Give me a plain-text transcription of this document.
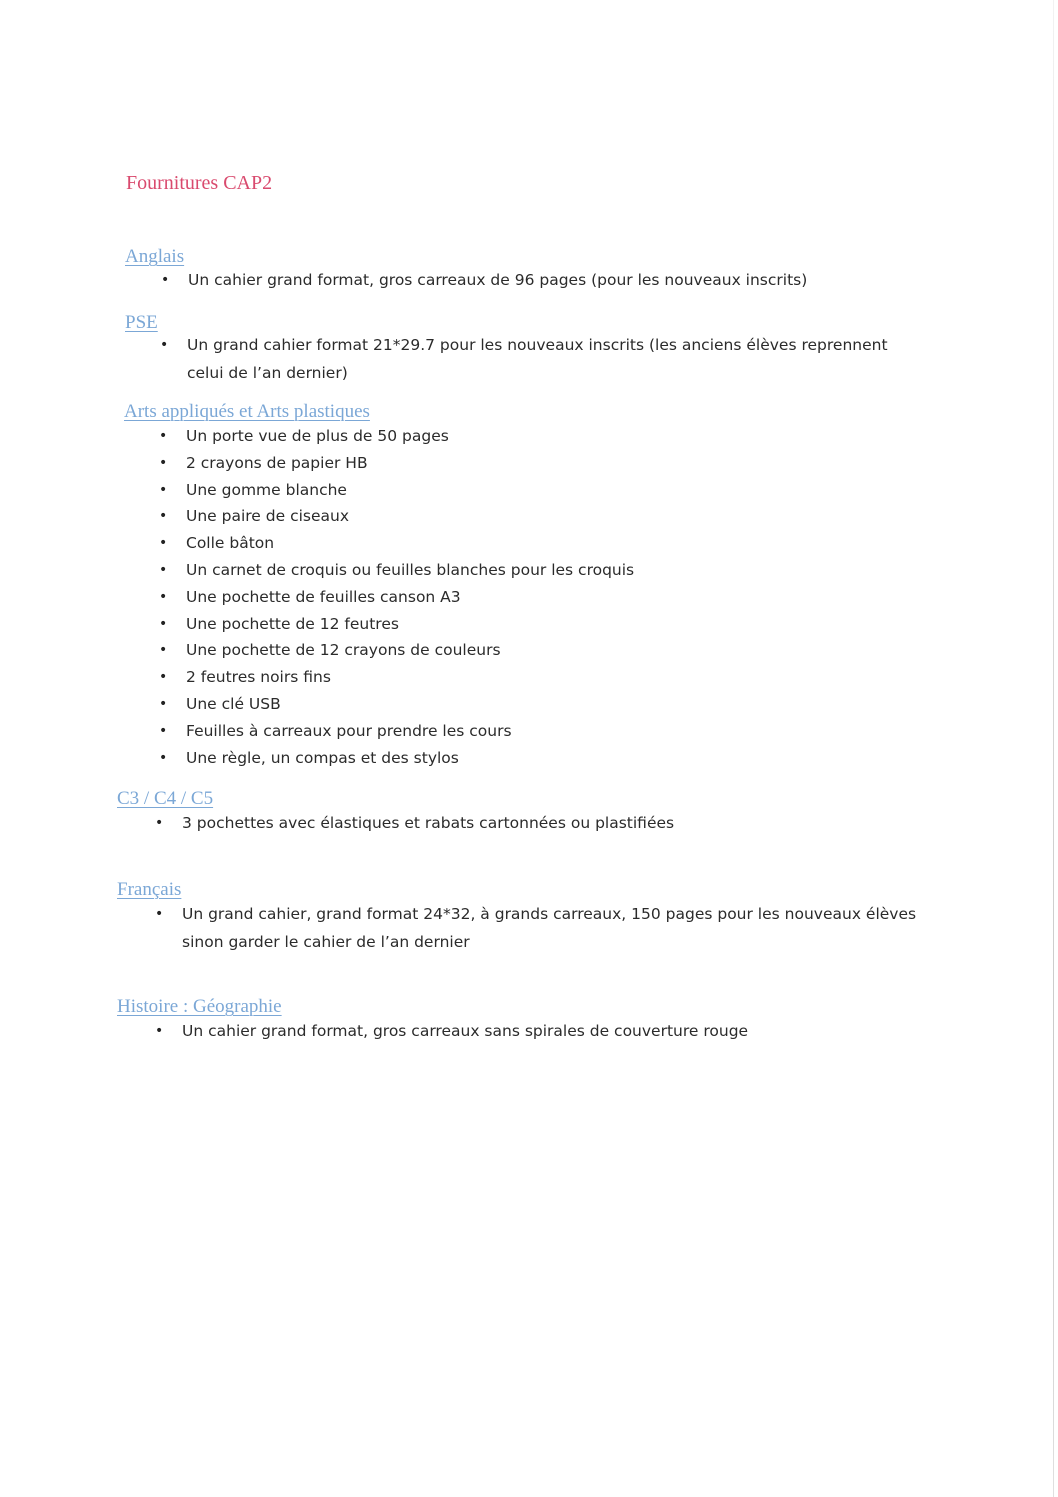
Fournitures CAP2
Anglais
• Un cahier grand format, gros carreaux de 96 pages (pour les nouveaux inscrits)
PSE
• Un grand cahier format 21*29.7 pour les nouveaux inscrits (les anciens élèves reprennent celui de l’an dernier)
Arts appliqués et Arts plastiques
• Un porte vue de plus de 50 pages
• 2 crayons de papier HB
• Une gomme blanche
• Une paire de ciseaux
• Colle bâton
• Un carnet de croquis ou feuilles blanches pour les croquis
• Une pochette de feuilles canson A3
• Une pochette de 12 feutres
• Une pochette de 12 crayons de couleurs
• 2 feutres noirs fins
• Une clé USB
• Feuilles à carreaux pour prendre les cours
• Une règle, un compas et des stylos
C3 / C4 / C5
• 3 pochettes avec élastiques et rabats cartonnées ou plastifiées
Français
• Un grand cahier, grand format 24*32, à grands carreaux, 150 pages pour les nouveaux élèves sinon garder le cahier de l’an dernier
Histoire : Géographie
• Un cahier grand format, gros carreaux sans spirales de couverture rouge
